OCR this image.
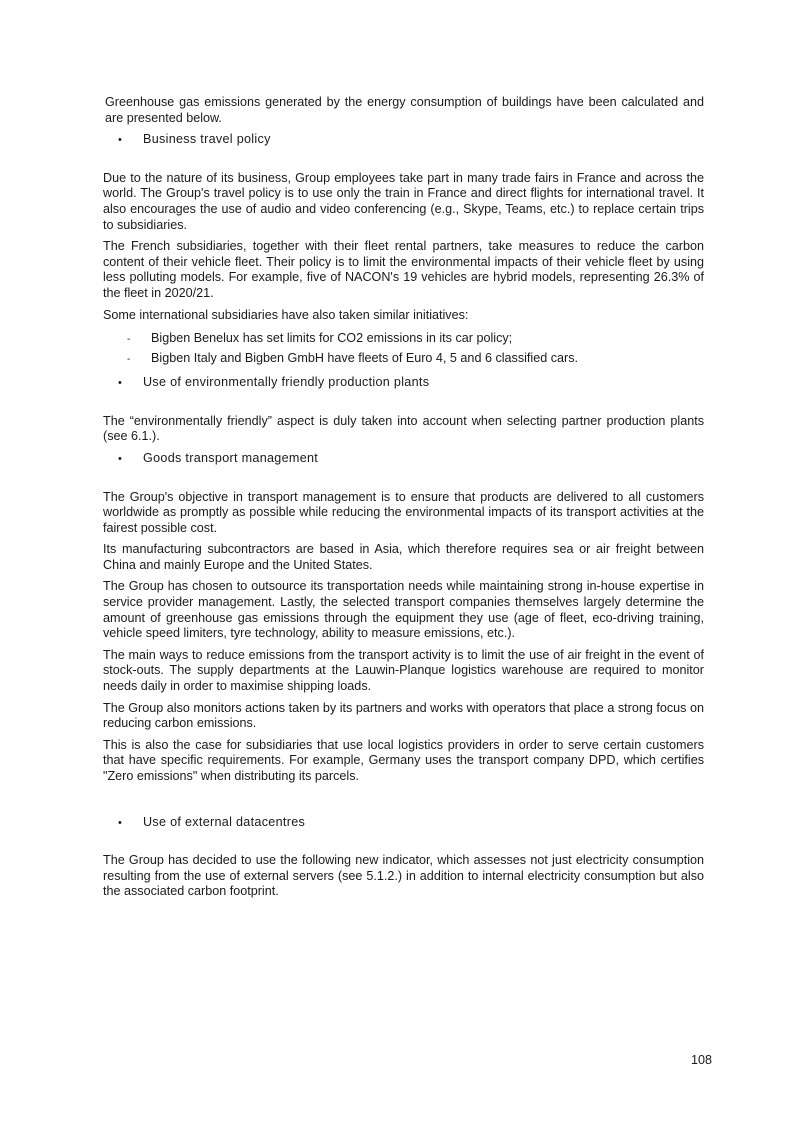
Greenhouse gas emissions generated by the energy consumption of buildings have been calculated and are presented below.

•	Business travel policy

Due to the nature of its business, Group employees take part in many trade fairs in France and across the world. The Group's travel policy is to use only the train in France and direct flights for international travel. It also encourages the use of audio and video conferencing (e.g., Skype, Teams, etc.) to replace certain trips to subsidiaries.

The French subsidiaries, together with their fleet rental partners, take measures to reduce the carbon content of their vehicle fleet. Their policy is to limit the environmental impacts of their vehicle fleet by using less polluting models. For example, five of NACON's 19 vehicles are hybrid models, representing 26.3% of the fleet in 2020/21.

Some international subsidiaries have also taken similar initiatives:

-	Bigben Benelux has set limits for CO2 emissions in its car policy;
-	Bigben Italy and Bigben GmbH have fleets of Euro 4, 5 and 6 classified cars.
•	Use of environmentally friendly production plants

The “environmentally friendly” aspect is duly taken into account when selecting partner production plants (see 6.1.).

•	Goods transport management

The Group's objective in transport management is to ensure that products are delivered to all customers worldwide as promptly as possible while reducing the environmental impacts of its transport activities at the fairest possible cost.

Its manufacturing subcontractors are based in Asia, which therefore requires sea or air freight between China and mainly Europe and the United States.

The Group has chosen to outsource its transportation needs while maintaining strong in-house expertise in service provider management. Lastly, the selected transport companies themselves largely determine the amount of greenhouse gas emissions through the equipment they use (age of fleet, eco-driving training, vehicle speed limiters, tyre technology, ability to measure emissions, etc.).

The main ways to reduce emissions from the transport activity is to limit the use of air freight in the event of stock-outs. The supply departments at the Lauwin-Planque logistics warehouse are required to monitor needs daily in order to maximise shipping loads.

The Group also monitors actions taken by its partners and works with operators that place a strong focus on reducing carbon emissions.

This is also the case for subsidiaries that use local logistics providers in order to serve certain customers that have specific requirements. For example, Germany uses the transport company DPD, which certifies "Zero emissions" when distributing its parcels.

•	Use of external datacentres

The Group has decided to use the following new indicator, which assesses not just electricity consumption resulting from the use of external servers (see 5.1.2.) in addition to internal electricity consumption but also the associated carbon footprint.

108
